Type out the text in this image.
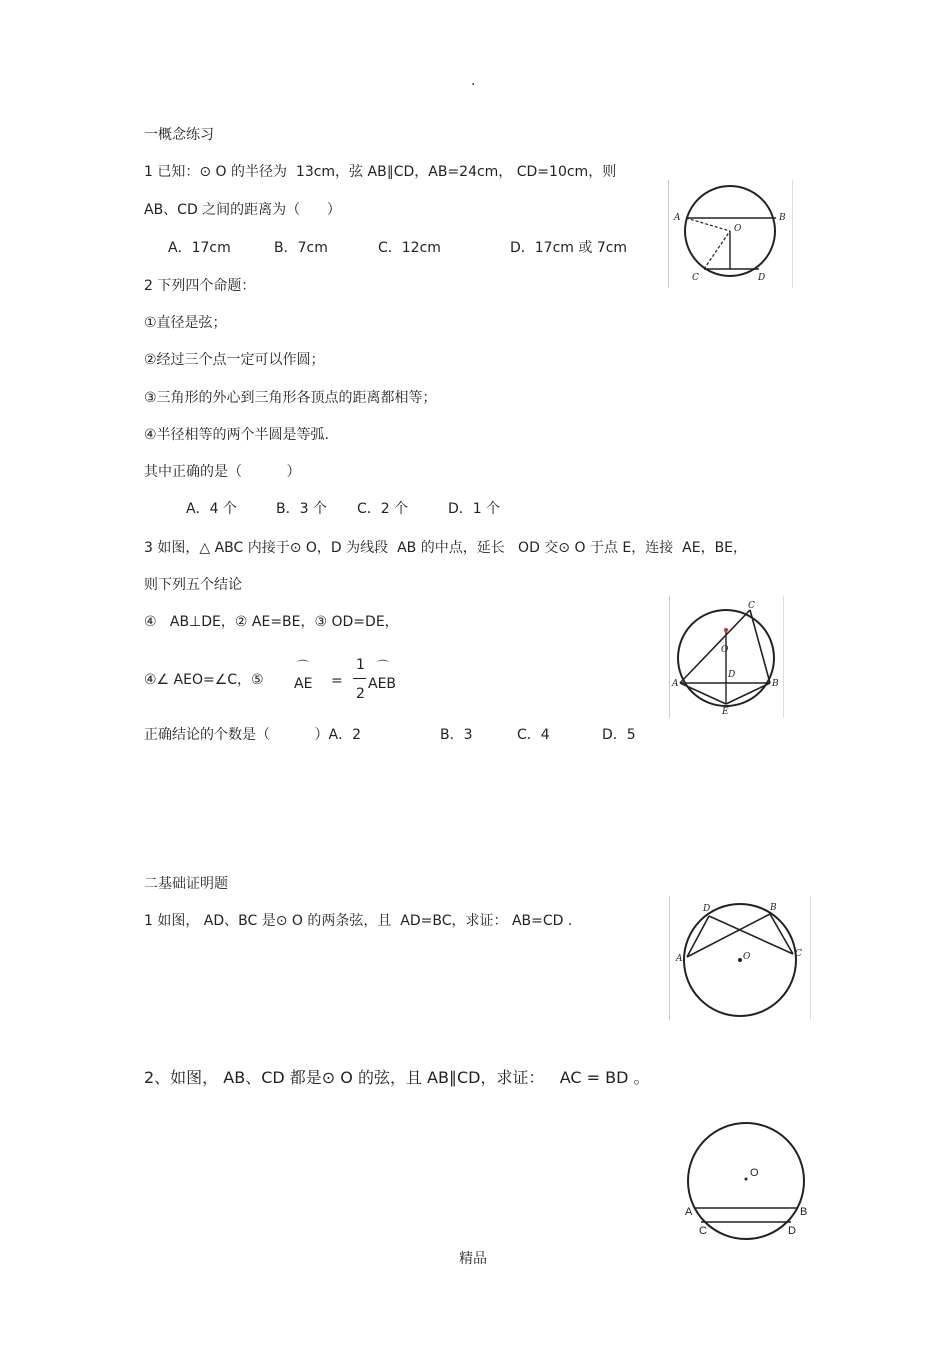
.
一概念练习
1 已知：⊙ O 的半径为  13cm，弦 AB∥CD，AB=24cm， CD=10cm，则
AB、CD 之间的距离为（      ）
A．17cm	B．7cm	C．12cm	D．17cm 或 7cm
A	B
O
C	D
2 下列四个命题：
①直径是弦；
②经过三个点一定可以作圆；
③三角形的外心到三角形各顶点的距离都相等；
④半径相等的两个半圆是等弧.
其中正确的是（          ）
A．4 个	B．3 个 C．2 个	D．1 个
3 如图，△ ABC 内接于⊙ O，D 为线段  AB 的中点，延长   OD 交⊙ O 于点 E，连接  AE，BE，
则下列五个结论
④   AB⊥DE，② AE=BE，③ OD=DE，
④∠ AEO=∠C，⑤
⌒
AE =
1
2
⌒
AEB
正确结论的个数是（          ）A．2	B．3	C．4	D．5
C
O
D
A	B
E
二基础证明题
1 如图， AD、BC 是⊙ O 的两条弦，且  AD=BC，求证： AB=CD .
D	B
A	C
O
2、如图， AB、CD 都是⊙ O 的弦，且 AB∥CD，求证：   AC = BD 。
O
A	B
C	D
精品
